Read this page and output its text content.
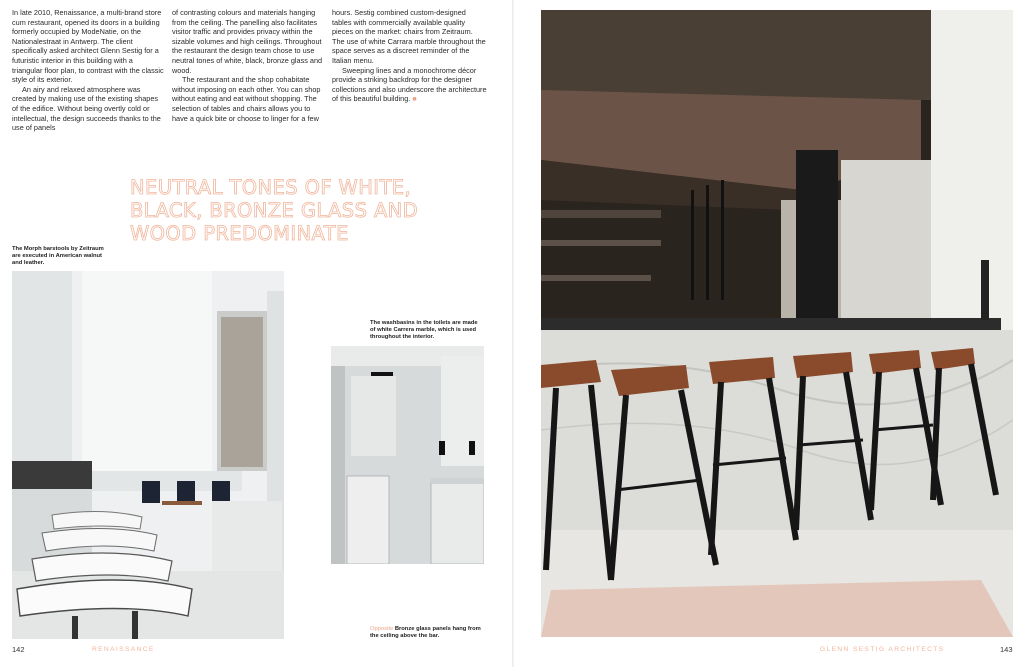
In late 2010, Renaissance, a multi-brand store cum restaurant, opened its doors in a building formerly occupied by ModeNatie, on the Nationalestraat in Antwerp. The client specifically asked architect Glenn Sestig for a futuristic interior in this building with a triangular floor plan, to contrast with the classic style of its exterior.

An airy and relaxed atmosphere was created by making use of the existing shapes of the edifice. Without being overtly cold or intellectual, the design succeeds thanks to the use of panels

of contrasting colours and materials hanging from the ceiling. The panelling also facilitates visitor traffic and provides privacy within the sizable volumes and high ceilings. Throughout the restaurant the design team chose to use neutral tones of white, black, bronze glass and wood.

The restaurant and the shop cohabitate without imposing on each other. You can shop without eating and eat without shopping. The selection of tables and chairs allows you to have a quick bite or choose to linger for a few

hours. Sestig combined custom-designed tables with commercially available quality pieces on the market: chairs from Zeitraum. The use of white Carrara marble throughout the space serves as a discreet reminder of the Italian menu.

Sweeping lines and a monochrome décor provide a striking backdrop for the designer collections and also underscore the architecture of this beautiful building. ■

NEUTRAL TONES OF WHITE, BLACK, BRONZE GLASS AND WOOD PREDOMINATE
The Morph barstools by Zeitraum are executed in American walnut and leather.
The washbasins in the toilets are made of white Carrera marble, which is used throughout the interior.
Opposite Bronze glass panels hang from the ceiling above the bar.
142	RENAISSANCE	GLENN SESTIG ARCHITECTS	143
